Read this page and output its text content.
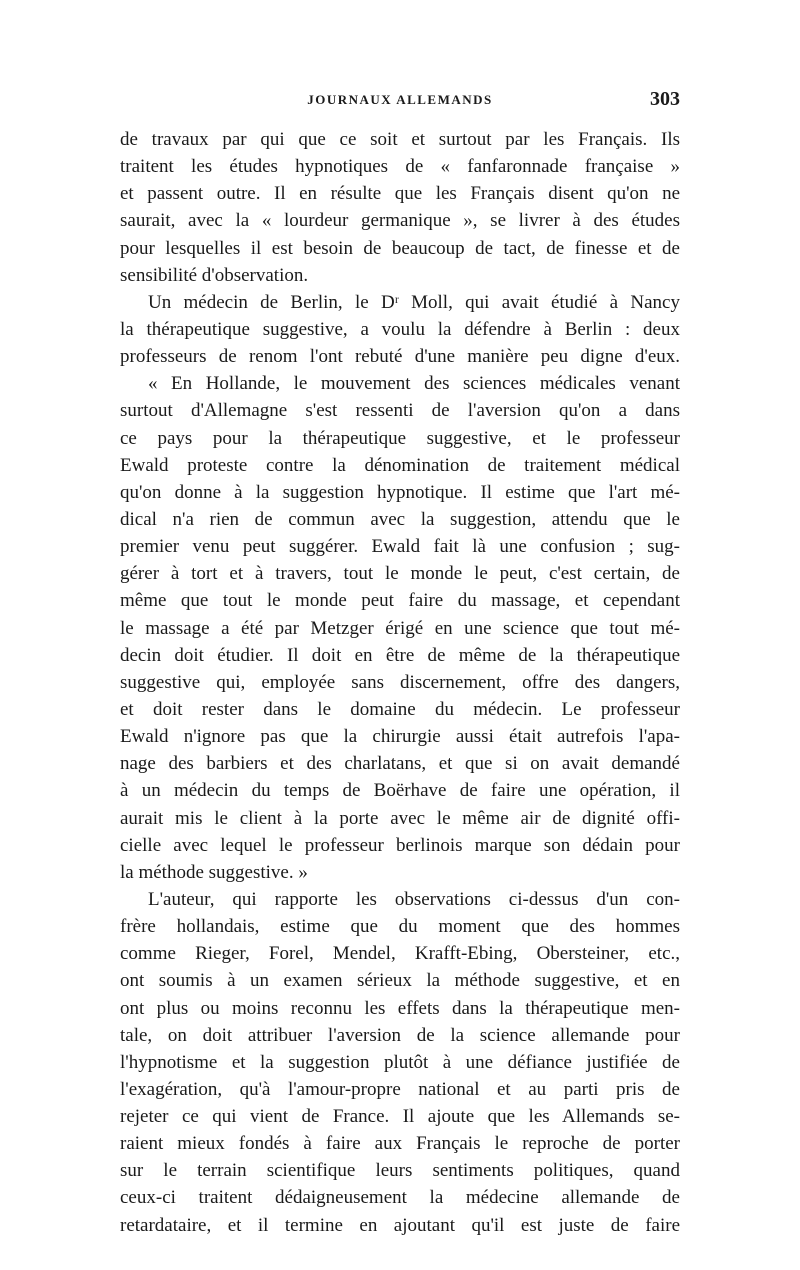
JOURNAUX ALLEMANDS	303
de travaux par qui que ce soit et surtout par les Français. Ils
traitent les études hypnotiques de « fanfaronnade française »
et passent outre. Il en résulte que les Français disent qu'on ne
saurait, avec la « lourdeur germanique », se livrer à des études
pour lesquelles il est besoin de beaucoup de tact, de finesse et de
sensibilité d'observation.
Un médecin de Berlin, le Dʳ Moll, qui avait étudié à Nancy
la thérapeutique suggestive, a voulu la défendre à Berlin : deux
professeurs de renom l'ont rebuté d'une manière peu digne d'eux.
« En Hollande, le mouvement des sciences médicales venant
surtout d'Allemagne s'est ressenti de l'aversion qu'on a dans
ce pays pour la thérapeutique suggestive, et le professeur
Ewald proteste contre la dénomination de traitement médical
qu'on donne à la suggestion hypnotique. Il estime que l'art mé-
dical n'a rien de commun avec la suggestion, attendu que le
premier venu peut suggérer. Ewald fait là une confusion ; sug-
gérer à tort et à travers, tout le monde le peut, c'est certain, de
même que tout le monde peut faire du massage, et cependant
le massage a été par Metzger érigé en une science que tout mé-
decin doit étudier. Il doit en être de même de la thérapeutique
suggestive qui, employée sans discernement, offre des dangers,
et doit rester dans le domaine du médecin. Le professeur
Ewald n'ignore pas que la chirurgie aussi était autrefois l'apa-
nage des barbiers et des charlatans, et que si on avait demandé
à un médecin du temps de Boërhave de faire une opération, il
aurait mis le client à la porte avec le même air de dignité offi-
cielle avec lequel le professeur berlinois marque son dédain pour
la méthode suggestive. »
L'auteur, qui rapporte les observations ci-dessus d'un con-
frère hollandais, estime que du moment que des hommes
comme Rieger, Forel, Mendel, Krafft-Ebing, Obersteiner, etc.,
ont soumis à un examen sérieux la méthode suggestive, et en
ont plus ou moins reconnu les effets dans la thérapeutique men-
tale, on doit attribuer l'aversion de la science allemande pour
l'hypnotisme et la suggestion plutôt à une défiance justifiée de
l'exagération, qu'à l'amour-propre national et au parti pris de
rejeter ce qui vient de France. Il ajoute que les Allemands se-
raient mieux fondés à faire aux Français le reproche de porter
sur le terrain scientifique leurs sentiments politiques, quand
ceux-ci traitent dédaigneusement la médecine allemande de
retardataire, et il termine en ajoutant qu'il est juste de faire
